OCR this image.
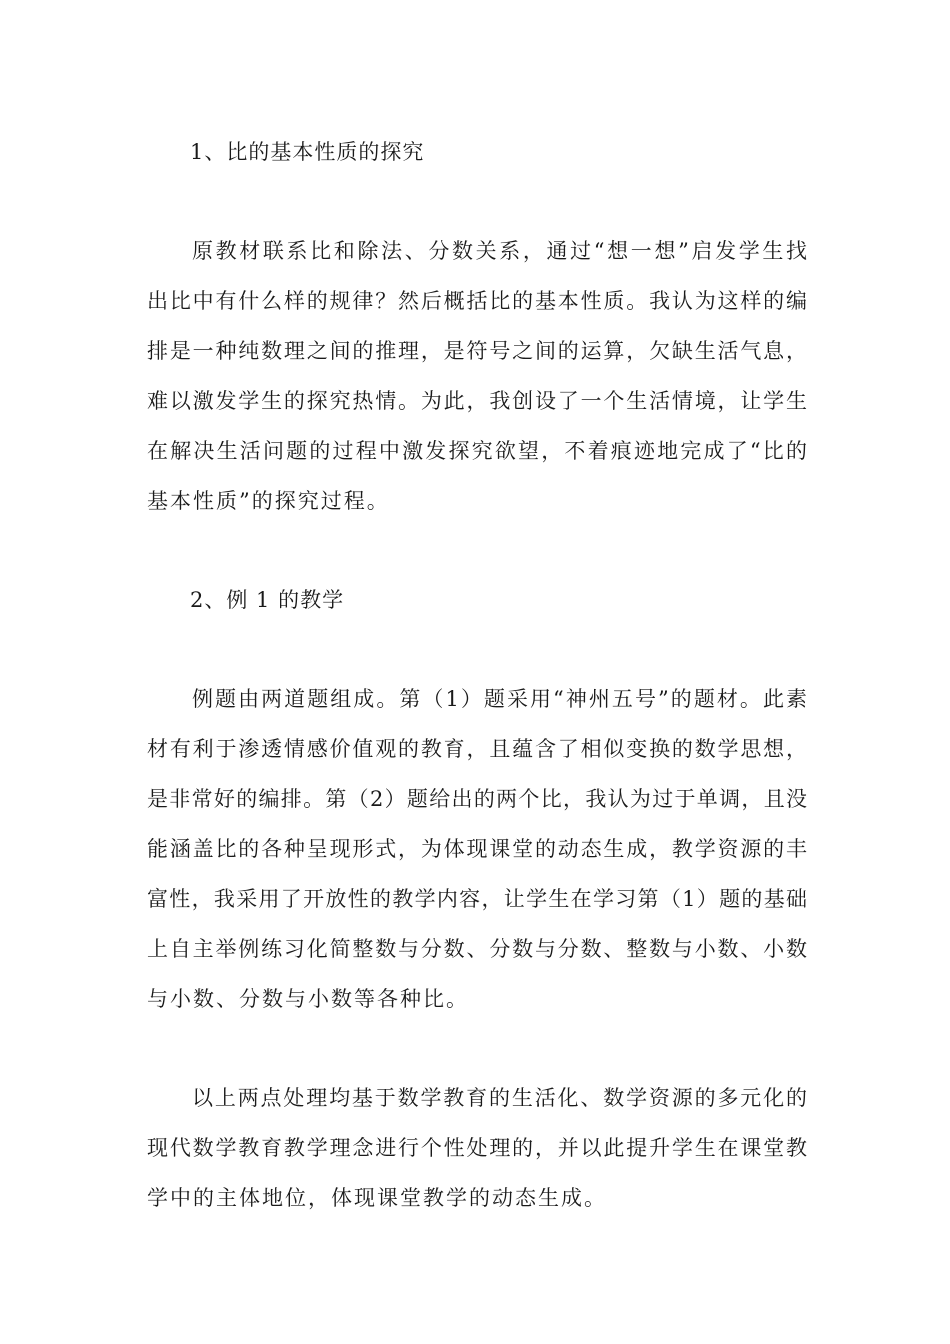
1、比的基本性质的探究
原教材联系比和除法、分数关系，通过“想一想”启发学生找
出比中有什么样的规律？然后概括比的基本性质。我认为这样的编
排是一种纯数理之间的推理，是符号之间的运算，欠缺生活气息，
难以激发学生的探究热情。为此，我创设了一个生活情境，让学生
在解决生活问题的过程中激发探究欲望，不着痕迹地完成了“比的
基本性质”的探究过程。
2、例 1 的教学
例题由两道题组成。第（1）题采用“神州五号”的题材。此素
材有利于渗透情感价值观的教育，且蕴含了相似变换的数学思想，
是非常好的编排。第（2）题给出的两个比，我认为过于单调，且没
能涵盖比的各种呈现形式，为体现课堂的动态生成，教学资源的丰
富性，我采用了开放性的教学内容，让学生在学习第（1）题的基础
上自主举例练习化简整数与分数、分数与分数、整数与小数、小数
与小数、分数与小数等各种比。
以上两点处理均基于数学教育的生活化、数学资源的多元化的
现代数学教育教学理念进行个性处理的，并以此提升学生在课堂教
学中的主体地位，体现课堂教学的动态生成。
